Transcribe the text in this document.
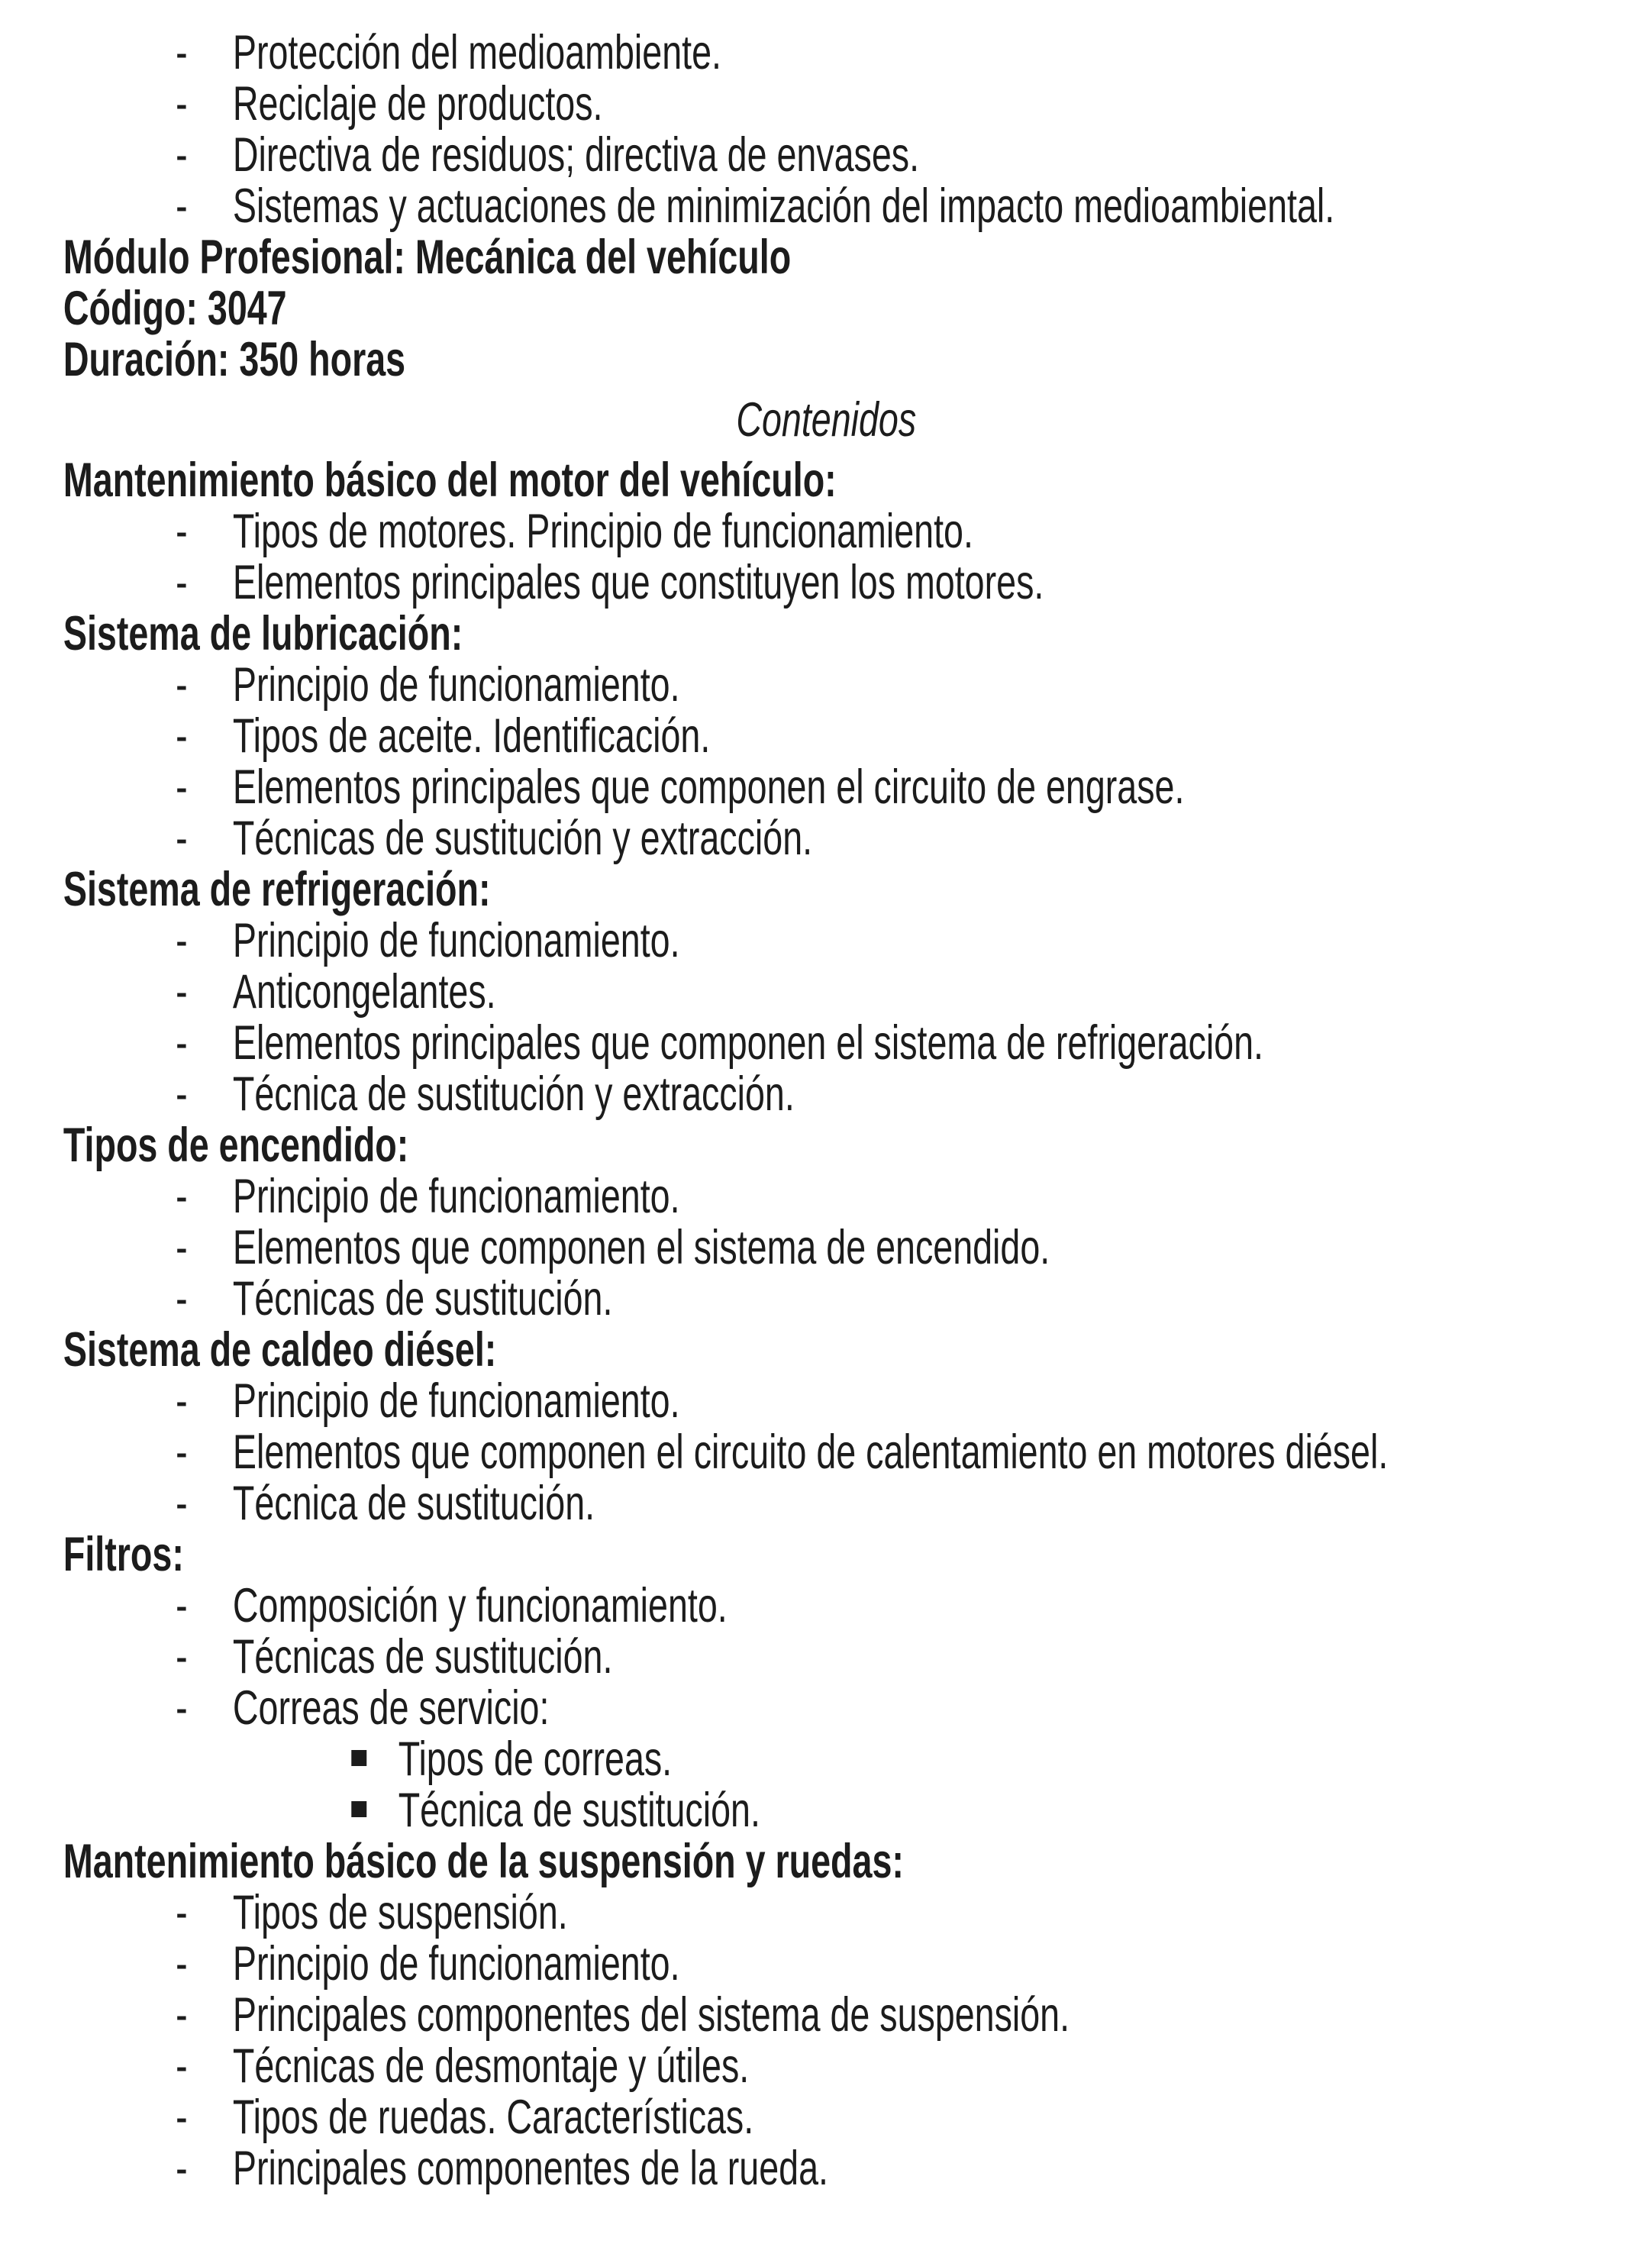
- Protección del medioambiente.
- Reciclaje de productos.
- Directiva de residuos; directiva de envases.
- Sistemas y actuaciones de minimización del impacto medioambiental.

Módulo Profesional: Mecánica del vehículo

Código: 3047

Duración: 350 horas

Contenidos

Mantenimiento básico del motor del vehículo:

- Tipos de motores. Principio de funcionamiento.
- Elementos principales que constituyen los motores.

Sistema de lubricación:

- Principio de funcionamiento.
- Tipos de aceite. Identificación.
- Elementos principales que componen el circuito de engrase.
- Técnicas de sustitución y extracción.

Sistema de refrigeración:

- Principio de funcionamiento.
- Anticongelantes.
- Elementos principales que componen el sistema de refrigeración.
- Técnica de sustitución y extracción.

Tipos de encendido:

- Principio de funcionamiento.
- Elementos que componen el sistema de encendido.
- Técnicas de sustitución.

Sistema de caldeo diésel:

- Principio de funcionamiento.
- Elementos que componen el circuito de calentamiento en motores diésel.
- Técnica de sustitución.

Filtros:

- Composición y funcionamiento.
- Técnicas de sustitución.
- Correas de servicio:
Tipos de correas.
Técnica de sustitución.

Mantenimiento básico de la suspensión y ruedas:

- Tipos de suspensión.
- Principio de funcionamiento.
- Principales componentes del sistema de suspensión.
- Técnicas de desmontaje y útiles.
- Tipos de ruedas. Características.
- Principales componentes de la rueda.
